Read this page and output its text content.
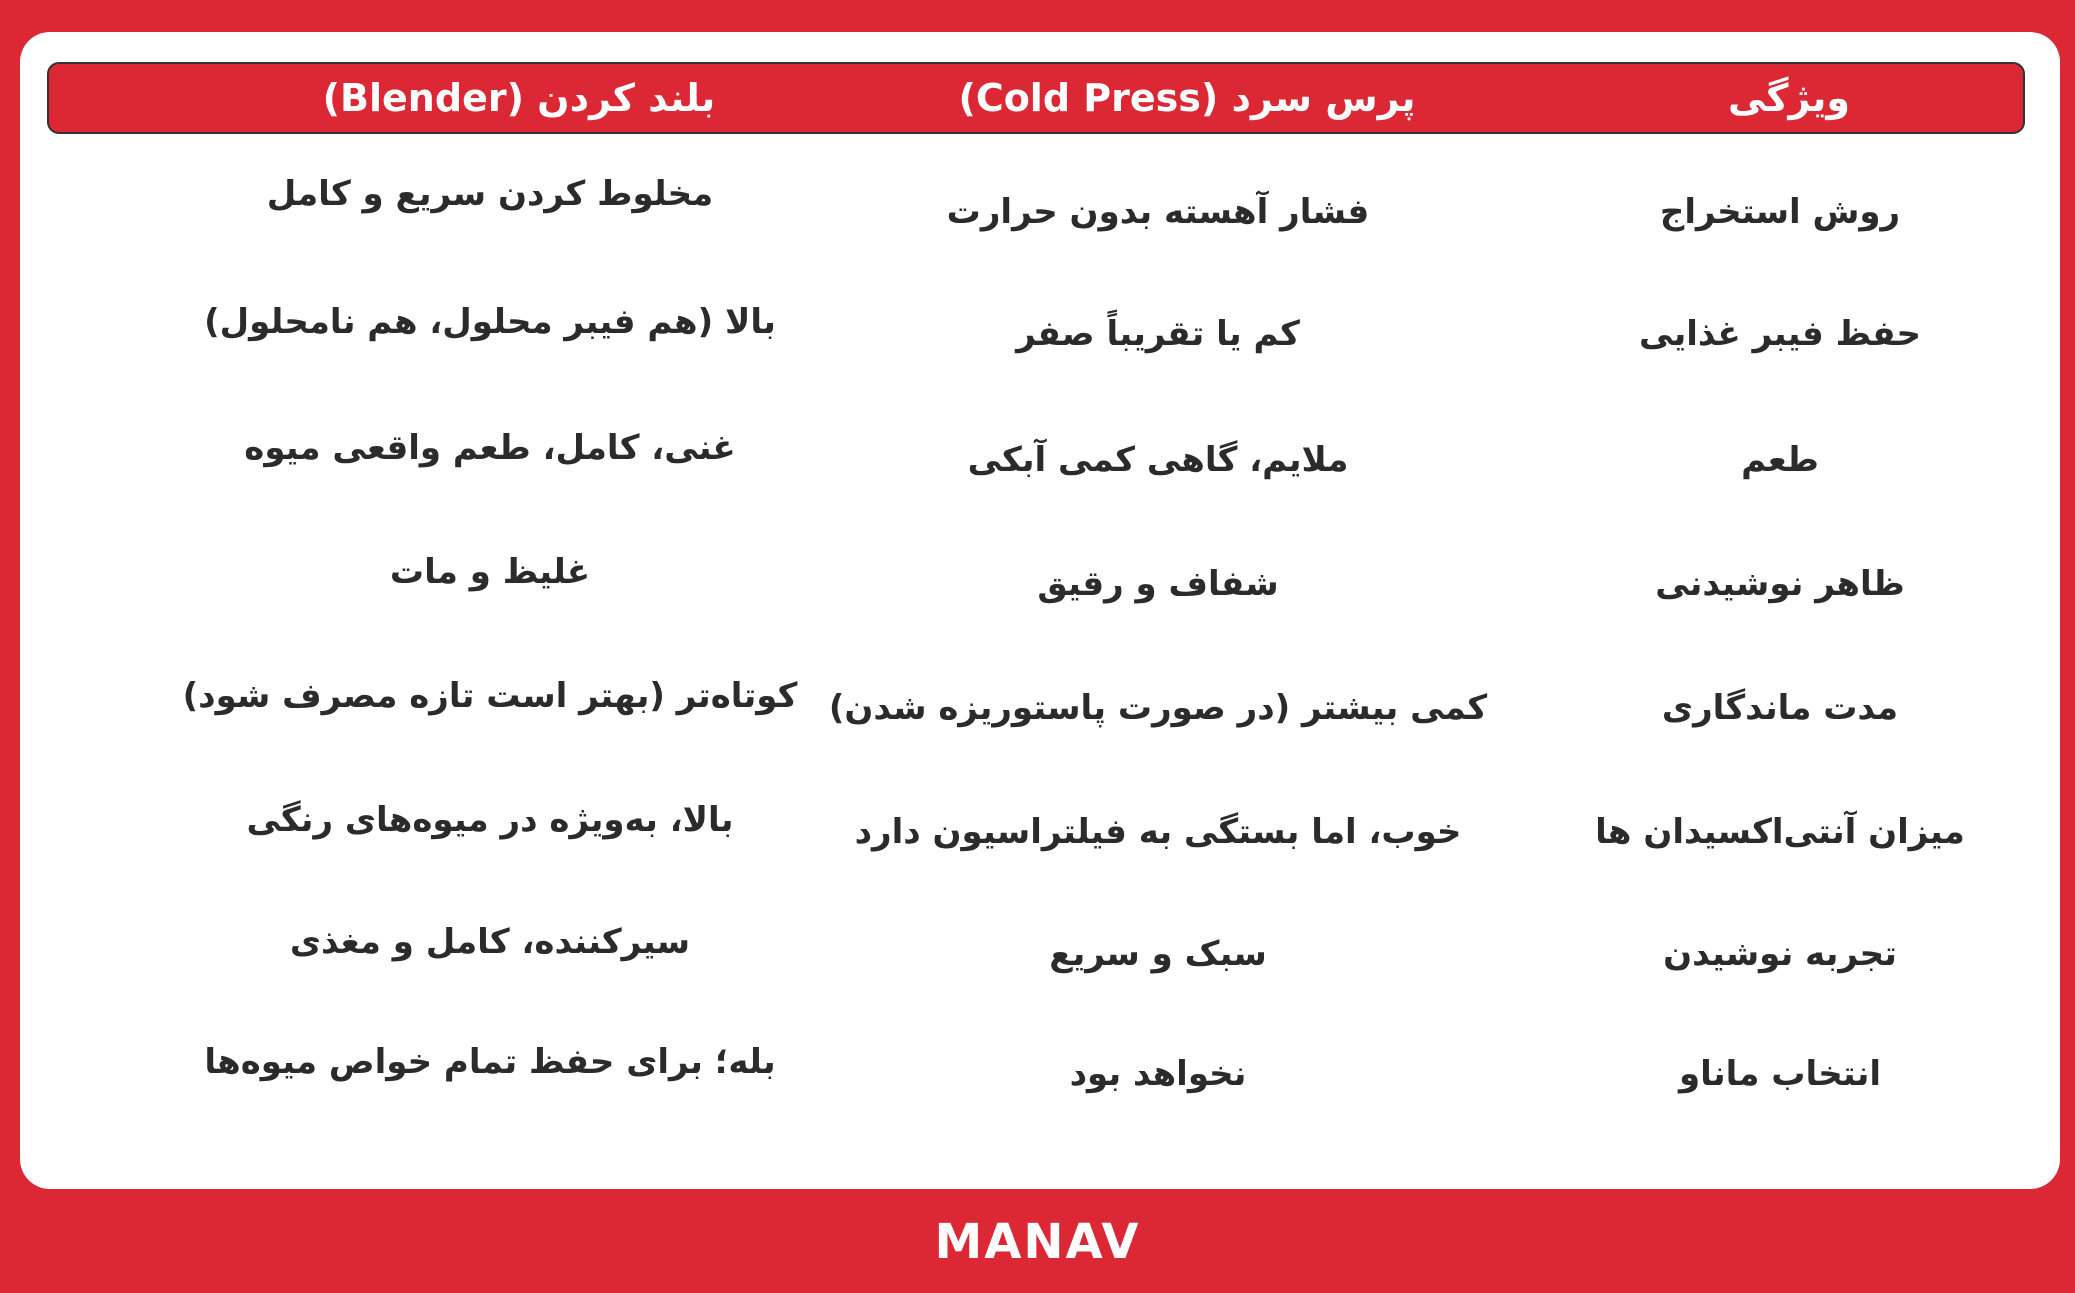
ویژگی
پرس سرد (Cold Press)
بلند کردن (Blender)
روش استخراج
فشار آهسته بدون حرارت
مخلوط کردن سریع و کامل
حفظ فیبر غذایی
کم یا تقریباً صفر
بالا (هم فیبر محلول، هم نامحلول)
طعم
ملایم، گاهی کمی آبکی
غنی، کامل، طعم واقعی میوه
ظاهر نوشیدنی
شفاف و رقیق
غلیظ و مات
مدت ماندگاری
کمی بیشتر (در صورت پاستوریزه شدن)
کوتاه‌تر (بهتر است تازه مصرف شود)
میزان آنتی‌اکسیدان ها
خوب، اما بستگی به فیلتراسیون دارد
بالا، به‌ویژه در میوه‌های رنگی
تجربه نوشیدن
سبک و سریع
سیرکننده، کامل و مغذی
انتخاب ماناو
نخواهد بود
بله؛ برای حفظ تمام خواص میوه‌ها
MANAV
